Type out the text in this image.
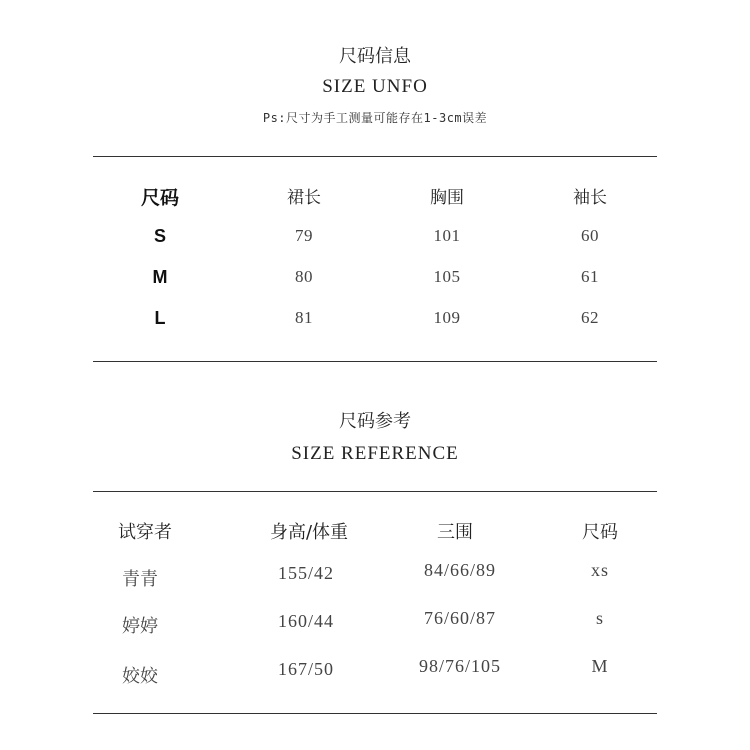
尺码信息
SIZE UNFO
Ps:尺寸为手工测量可能存在1-3cm误差
尺码	裙长	胸围	袖长
S	79	101	60
M	80	105	61
L	81	109	62
尺码参考
SIZE REFERENCE
试穿者	身高/体重	三围	尺码
青青	155/42	84/66/89	xs
婷婷	160/44	76/60/87	s
姣姣	167/50	98/76/105	M
